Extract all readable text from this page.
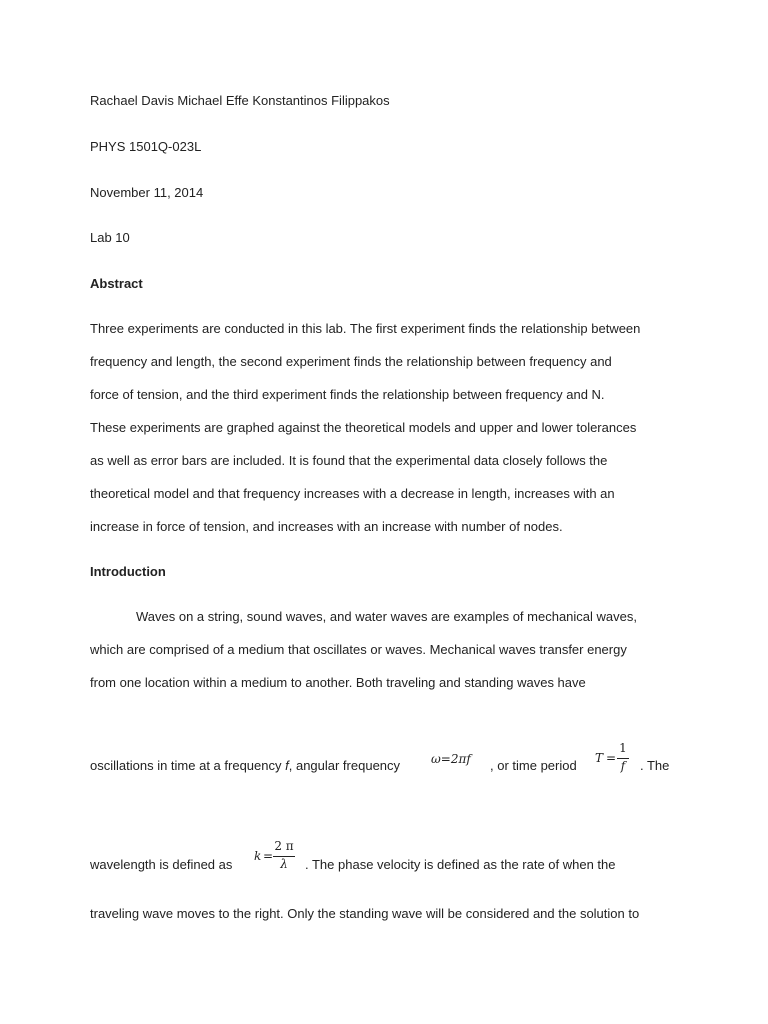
Rachael Davis Michael Effe Konstantinos Filippakos
PHYS 1501Q-023L
November 11, 2014
Lab 10
Abstract
Three experiments are conducted in this lab. The first experiment finds the relationship between
frequency and length, the second experiment finds the relationship between frequency and
force of tension, and the third experiment finds the relationship between frequency and N.
These experiments are graphed against the theoretical models and upper and lower tolerances
as well as error bars are included. It is found that the experimental data closely follows the
theoretical model and that frequency increases with a decrease in length, increases with an
increase in force of tension, and increases with an increase with number of nodes.
Introduction
Waves on a string, sound waves, and water waves are examples of mechanical waves,
which are comprised of a medium that oscillates or waves. Mechanical waves transfer energy
from one location within a medium to another. Both traveling and standing waves have
oscillations in time at a frequency f, angular frequency	ω=2πf , or time period T =
1
f . The
wavelength is defined as
k =
2 π
λ	. The phase velocity is defined as the rate of when the
traveling wave moves to the right. Only the standing wave will be considered and the solution to
